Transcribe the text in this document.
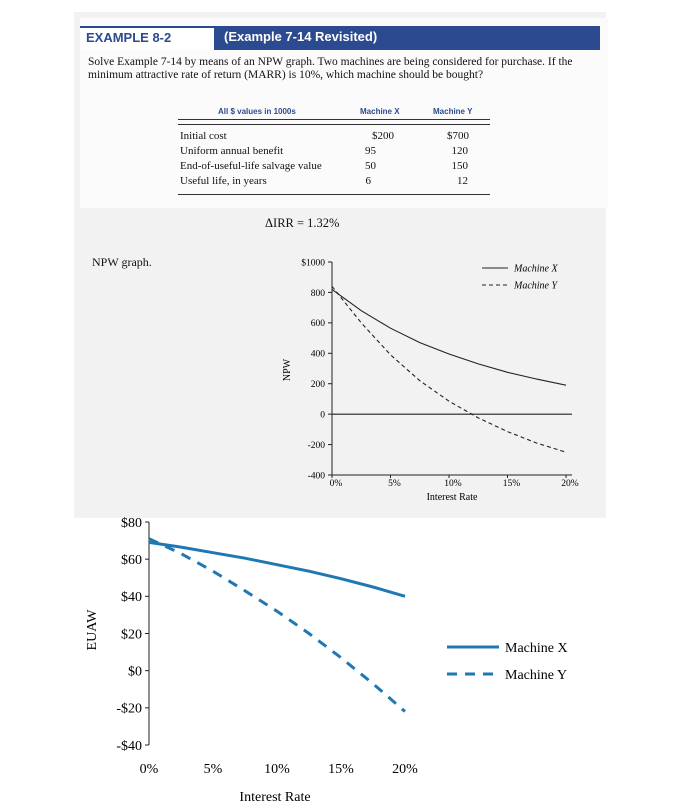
EXAMPLE 8-2	(Example 7-14 Revisited)
Solve Example 7-14 by means of an NPW graph. Two machines are being considered for purchase. If the minimum attractive rate of return (MARR) is 10%, which machine should be bought?
All $ values in 1000s	Machine X	Machine Y
Initial cost	$200	$700
Uniform annual benefit	95	120
End-of-useful-life salvage value	50	150
Useful life, in years	6	12
ΔIRR = 1.32%
NPW graph.	$1000
800
600
400
200
0
-200
-400
0%	5%	10%	15%	20%
Interest Rate
NPW
Machine X
Machine Y
$80
$60
$40
$20
$0
-$20
-$40
0%	5%	10%	15%	20%
Interest Rate
EUAW	Machine X
Machine Y
